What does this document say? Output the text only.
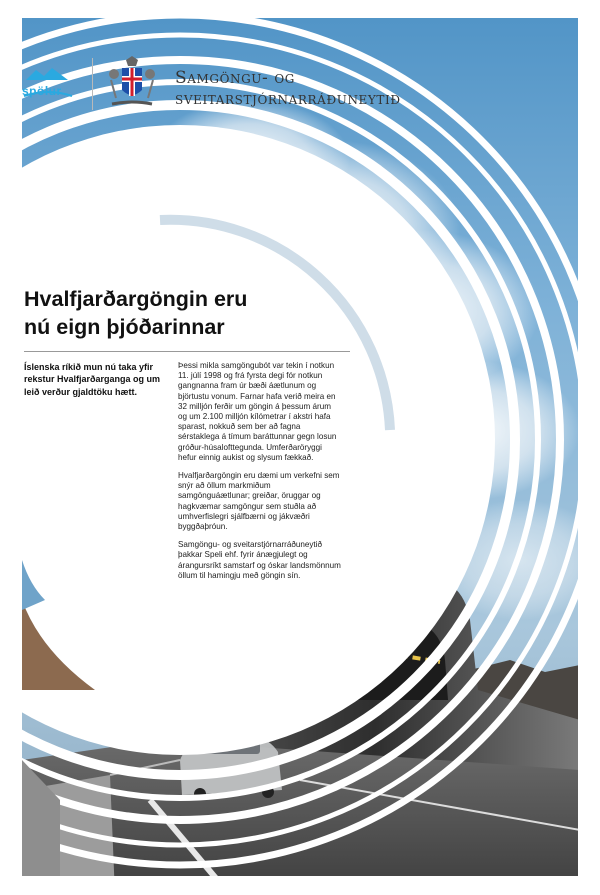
spölur
Samgöngu- og
sveitarstjórnarráðuneytið
Hvalfjarðargöngin eru
nú eign þjóðarinnar
Íslenska ríkið mun nú taka yfir rekstur Hvalfjarðarganga og um leið verður gjaldtöku hætt.

Þessi mikla samgöngubót var tekin í notkun 11. júlí 1998 og frá fyrsta degi fór notkun gangnanna fram úr bæði áætlunum og björtustu vonum. Farnar hafa verið meira en 32 milljón ferðir um göngin á þessum árum og um 2.100 milljón kílómetrar í akstri hafa sparast, nokkuð sem ber að fagna sérstaklega á tímum baráttunnar gegn losun gróður-húsalofttegunda. Umferðaröryggi hefur einnig aukist og slysum fækkað.

Hvalfjarðargöngin eru dæmi um verkefni sem snýr að öllum markmiðum samgönguáætlunar; greiðar, öruggar og hagkvæmar samgöngur sem stuðla að umhverfislegri sjálfbærni og jákvæðri byggðaþróun.

Samgöngu- og sveitarstjórnarráðuneytið þakkar Speli ehf. fyrir ánægjulegt og árangursríkt samstarf og óskar landsmönnum öllum til hamingju með göngin sín.
